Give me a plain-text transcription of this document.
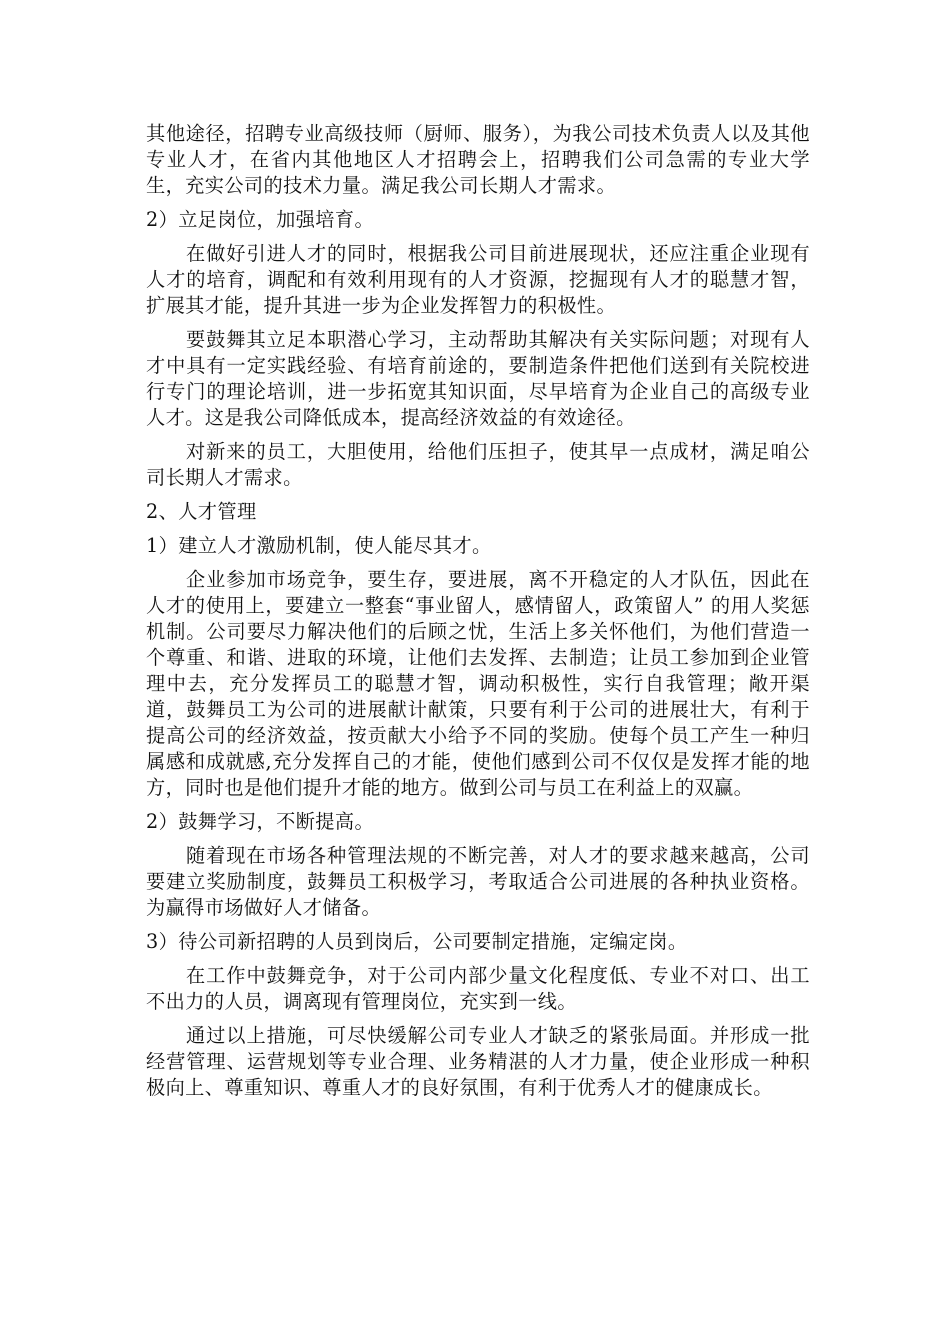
其他途径，招聘专业高级技师（厨师、服务），为我公司技术负责人以及其他专业人才，在省内其他地区人才招聘会上，招聘我们公司急需的专业大学生，充实公司的技术力量。满足我公司长期人才需求。

2）立足岗位，加强培育。

在做好引进人才的同时，根据我公司目前进展现状，还应注重企业现有人才的培育，调配和有效利用现有的人才资源，挖掘现有人才的聪慧才智，扩展其才能，提升其进一步为企业发挥智力的积极性。

要鼓舞其立足本职潜心学习，主动帮助其解决有关实际问题；对现有人才中具有一定实践经验、有培育前途的，要制造条件把他们送到有关院校进行专门的理论培训，进一步拓宽其知识面，尽早培育为企业自己的高级专业人才。这是我公司降低成本，提高经济效益的有效途径。

对新来的员工，大胆使用，给他们压担子，使其早一点成材，满足咱公司长期人才需求。

2、人才管理

1）建立人才激励机制，使人能尽其才。

企业参加市场竞争，要生存，要进展，离不开稳定的人才队伍，因此在人才的使用上，要建立一整套“事业留人，感情留人，政策留人” 的用人奖惩机制。公司要尽力解决他们的后顾之忧，生活上多关怀他们，为他们营造一个尊重、和谐、进取的环境，让他们去发挥、去制造；让员工参加到企业管理中去，充分发挥员工的聪慧才智，调动积极性，实行自我管理；敞开渠道，鼓舞员工为公司的进展献计献策，只要有利于公司的进展壮大，有利于提高公司的经济效益，按贡献大小给予不同的奖励。使每个员工产生一种归属感和成就感,充分发挥自己的才能，使他们感到公司不仅仅是发挥才能的地方，同时也是他们提升才能的地方。做到公司与员工在利益上的双赢。

2）鼓舞学习，不断提高。

随着现在市场各种管理法规的不断完善，对人才的要求越来越高，公司要建立奖励制度，鼓舞员工积极学习，考取适合公司进展的各种执业资格。为赢得市场做好人才储备。

3）待公司新招聘的人员到岗后，公司要制定措施，定编定岗。

在工作中鼓舞竞争，对于公司内部少量文化程度低、专业不对口、出工不出力的人员，调离现有管理岗位，充实到一线。

通过以上措施，可尽快缓解公司专业人才缺乏的紧张局面。并形成一批经营管理、运营规划等专业合理、业务精湛的人才力量，使企业形成一种积极向上、尊重知识、尊重人才的良好氛围，有利于优秀人才的健康成长。
